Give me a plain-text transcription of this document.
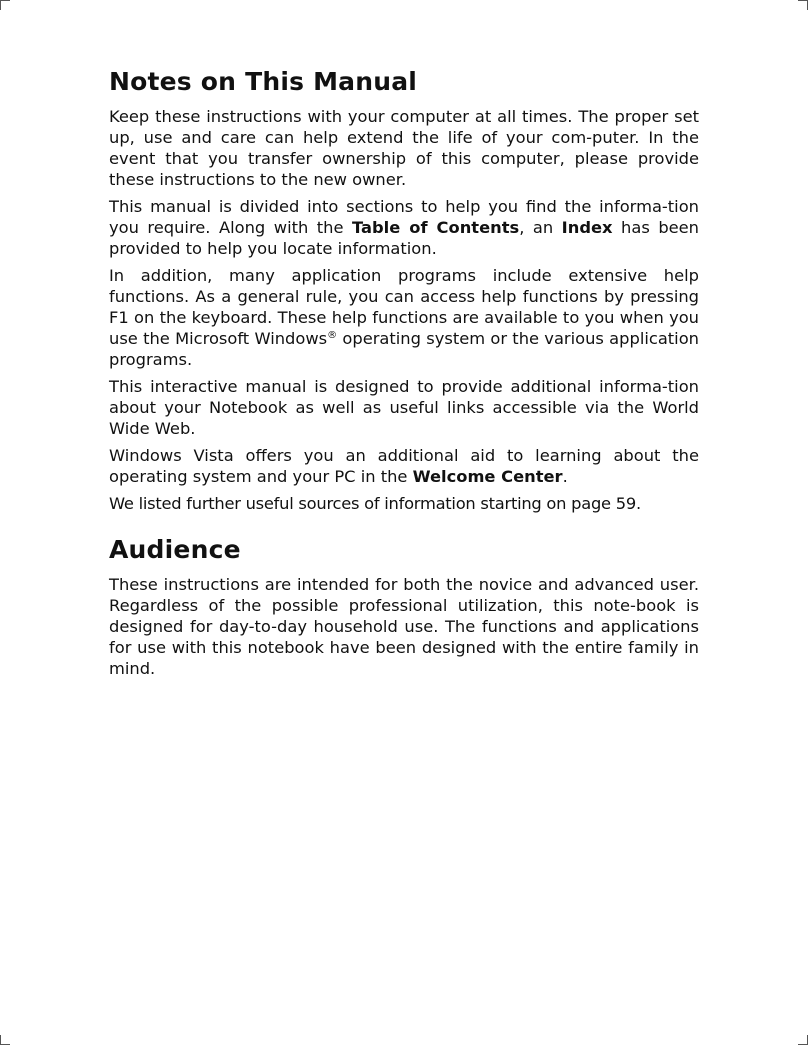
Notes on This Manual

Keep these instructions with your computer at all times. The proper set up, use and care can help extend the life of your com-puter. In the event that you transfer ownership of this computer, please provide these instructions to the new owner.

This manual is divided into sections to help you find the informa-tion you require. Along with the Table of Contents, an Index has been provided to help you locate information.

In addition, many application programs include extensive help functions. As a general rule, you can access help functions by pressing F1 on the keyboard. These help functions are available to you when you use the Microsoft Windows® operating system or the various application programs.

This interactive manual is designed to provide additional informa-tion about your Notebook as well as useful links accessible via the World Wide Web.

Windows Vista offers you an additional aid to learning about the operating system and your PC in the Welcome Center.

We listed further useful sources of information starting on page 59.

Audience

These instructions are intended for both the novice and advanced user. Regardless of the possible professional utilization, this note-book is designed for day-to-day household use. The functions and applications for use with this notebook have been designed with the entire family in mind.
